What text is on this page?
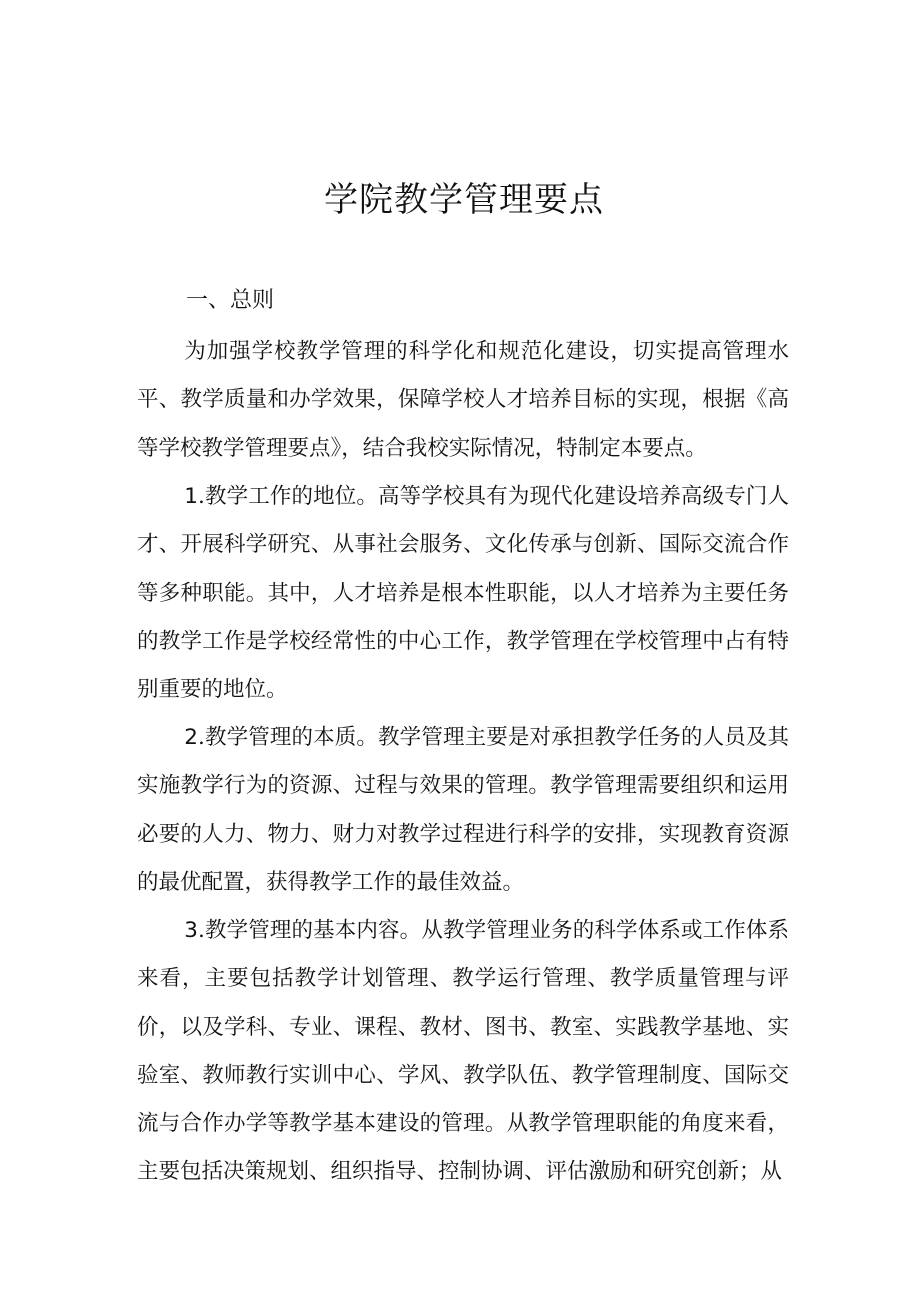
学院教学管理要点
一、总则

为加强学校教学管理的科学化和规范化建设，切实提高管理水平、教学质量和办学效果，保障学校人才培养目标的实现，根据《高等学校教学管理要点》，结合我校实际情况，特制定本要点。

1.教学工作的地位。高等学校具有为现代化建设培养高级专门人才、开展科学研究、从事社会服务、文化传承与创新、国际交流合作等多种职能。其中，人才培养是根本性职能，以人才培养为主要任务的教学工作是学校经常性的中心工作，教学管理在学校管理中占有特别重要的地位。

2.教学管理的本质。教学管理主要是对承担教学任务的人员及其实施教学行为的资源、过程与效果的管理。教学管理需要组织和运用必要的人力、物力、财力对教学过程进行科学的安排，实现教育资源的最优配置，获得教学工作的最佳效益。

3.教学管理的基本内容。从教学管理业务的科学体系或工作体系来看，主要包括教学计划管理、教学运行管理、教学质量管理与评价，以及学科、专业、课程、教材、图书、教室、实践教学基地、实验室、教师教行实训中心、学风、教学队伍、教学管理制度、国际交流与合作办学等教学基本建设的管理。从教学管理职能的角度来看，主要包括决策规划、组织指导、控制协调、评估激励和研究创新；从
